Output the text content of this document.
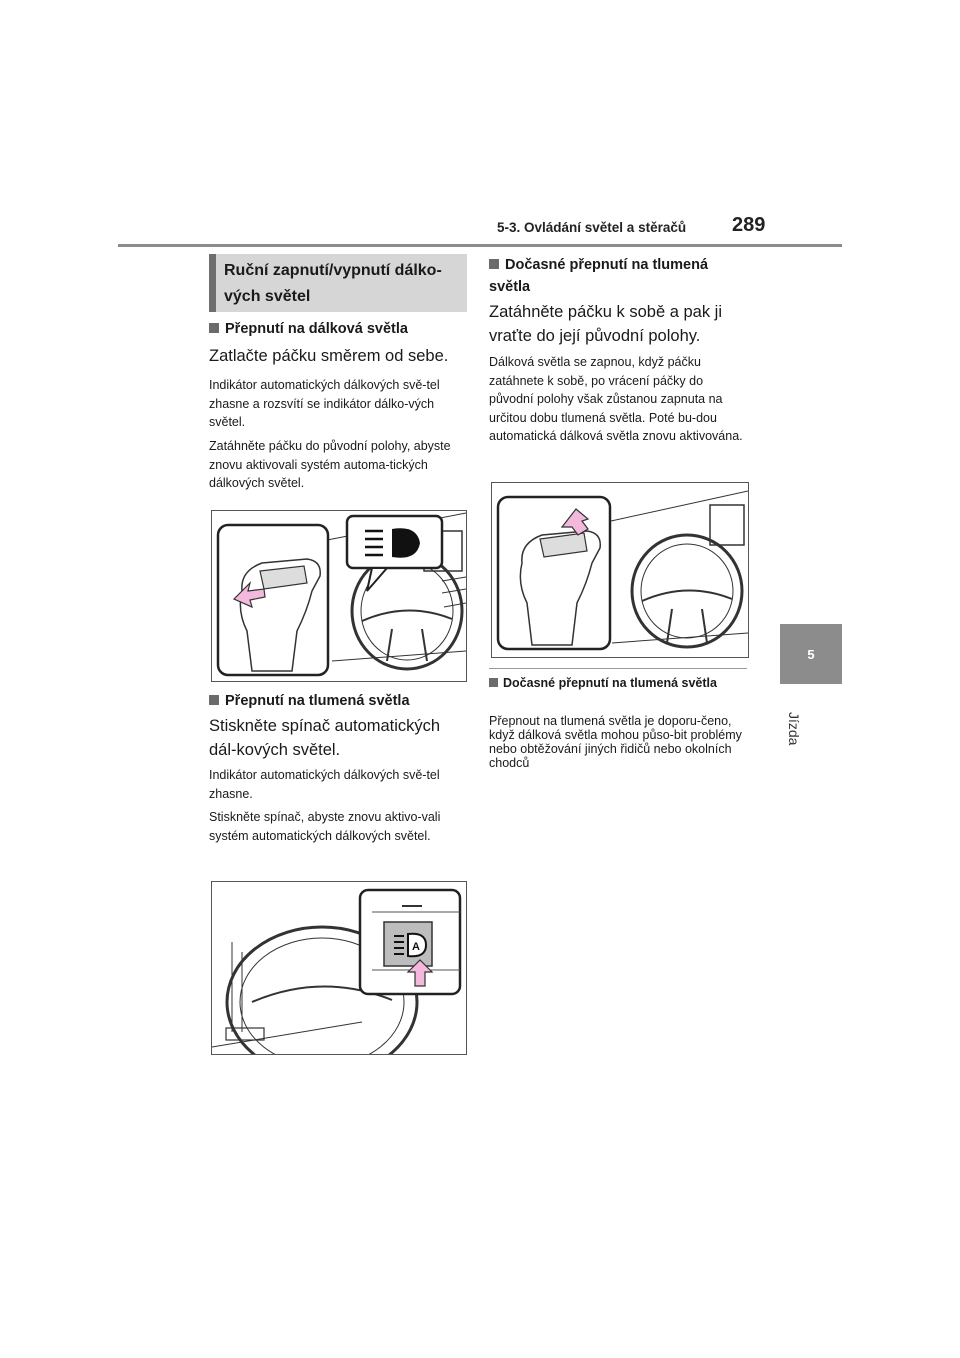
5-3. Ovládání světel a stěračů 289
5
Jízda
Ruční zapnutí/vypnutí dálko-vých světel
Přepnutí na dálková světla

Zatlačte páčku směrem od sebe.

Indikátor automatických dálkových svě-tel zhasne a rozsvítí se indikátor dálko-vých světel.

Zatáhněte páčku do původní polohy, abyste znovu aktivovali systém automa-tických dálkových světel.

Přepnutí na tlumená světla

Stiskněte spínač automatických dál-kových světel.

Indikátor automatických dálkových svě-tel zhasne.

Stiskněte spínač, abyste znovu aktivo-vali systém automatických dálkových světel.

A
Dočasné přepnutí na tlumená světla

Zatáhněte páčku k sobě a pak ji vraťte do její původní polohy.

Dálková světla se zapnou, když páčku zatáhnete k sobě, po vrácení páčky do původní polohy však zůstanou zapnuta na určitou dobu tlumená světla. Poté bu-dou automatická dálková světla znovu aktivována.

Dočasné přepnutí na tlumená světla

Přepnout na tlumená světla je doporu-čeno, když dálková světla mohou půso-bit problémy nebo obtěžování jiných řidičů nebo okolních chodců
